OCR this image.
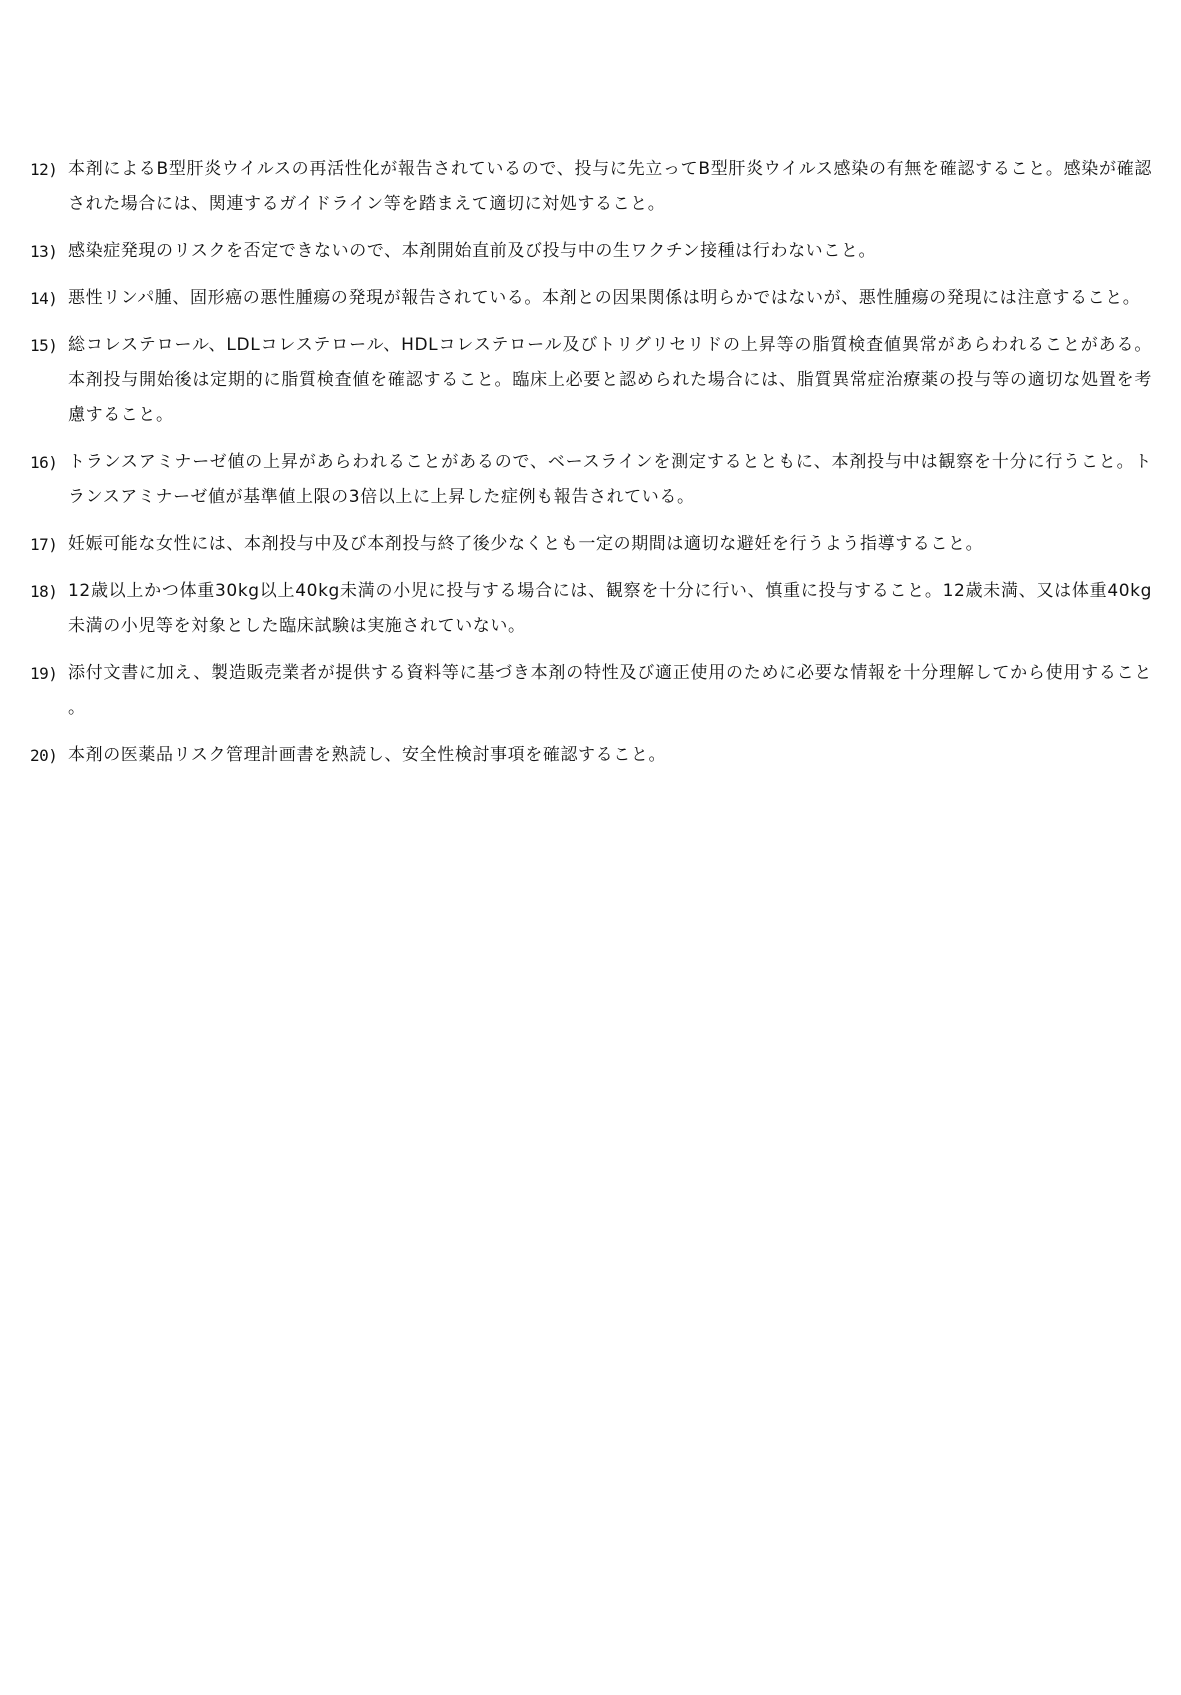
12) 本剤によるB型肝炎ウイルスの再活性化が報告されているので、投与に先立ってB型肝炎ウイルス感染の有無を確認すること。感染が確認された場合には、関連するガイドライン等を踏まえて適切に対処すること。
13) 感染症発現のリスクを否定できないので、本剤開始直前及び投与中の生ワクチン接種は行わないこと。
14) 悪性リンパ腫、固形癌の悪性腫瘍の発現が報告されている。本剤との因果関係は明らかではないが、悪性腫瘍の発現には注意すること。
15) 総コレステロール、LDLコレステロール、HDLコレステロール及びトリグリセリドの上昇等の脂質検査値異常があらわれることがある。本剤投与開始後は定期的に脂質検査値を確認すること。臨床上必要と認められた場合には、脂質異常症治療薬の投与等の適切な処置を考慮すること。
16) トランスアミナーゼ値の上昇があらわれることがあるので、ベースラインを測定するとともに、本剤投与中は観察を十分に行うこと。トランスアミナーゼ値が基準値上限の3倍以上に上昇した症例も報告されている。
17) 妊娠可能な女性には、本剤投与中及び本剤投与終了後少なくとも一定の期間は適切な避妊を行うよう指導すること。
18) 12歳以上かつ体重30kg以上40kg未満の小児に投与する場合には、観察を十分に行い、慎重に投与すること。12歳未満、又は体重40kg未満の小児等を対象とした臨床試験は実施されていない。
19) 添付文書に加え、製造販売業者が提供する資料等に基づき本剤の特性及び適正使用のために必要な情報を十分理解してから使用すること。
20) 本剤の医薬品リスク管理計画書を熟読し、安全性検討事項を確認すること。
